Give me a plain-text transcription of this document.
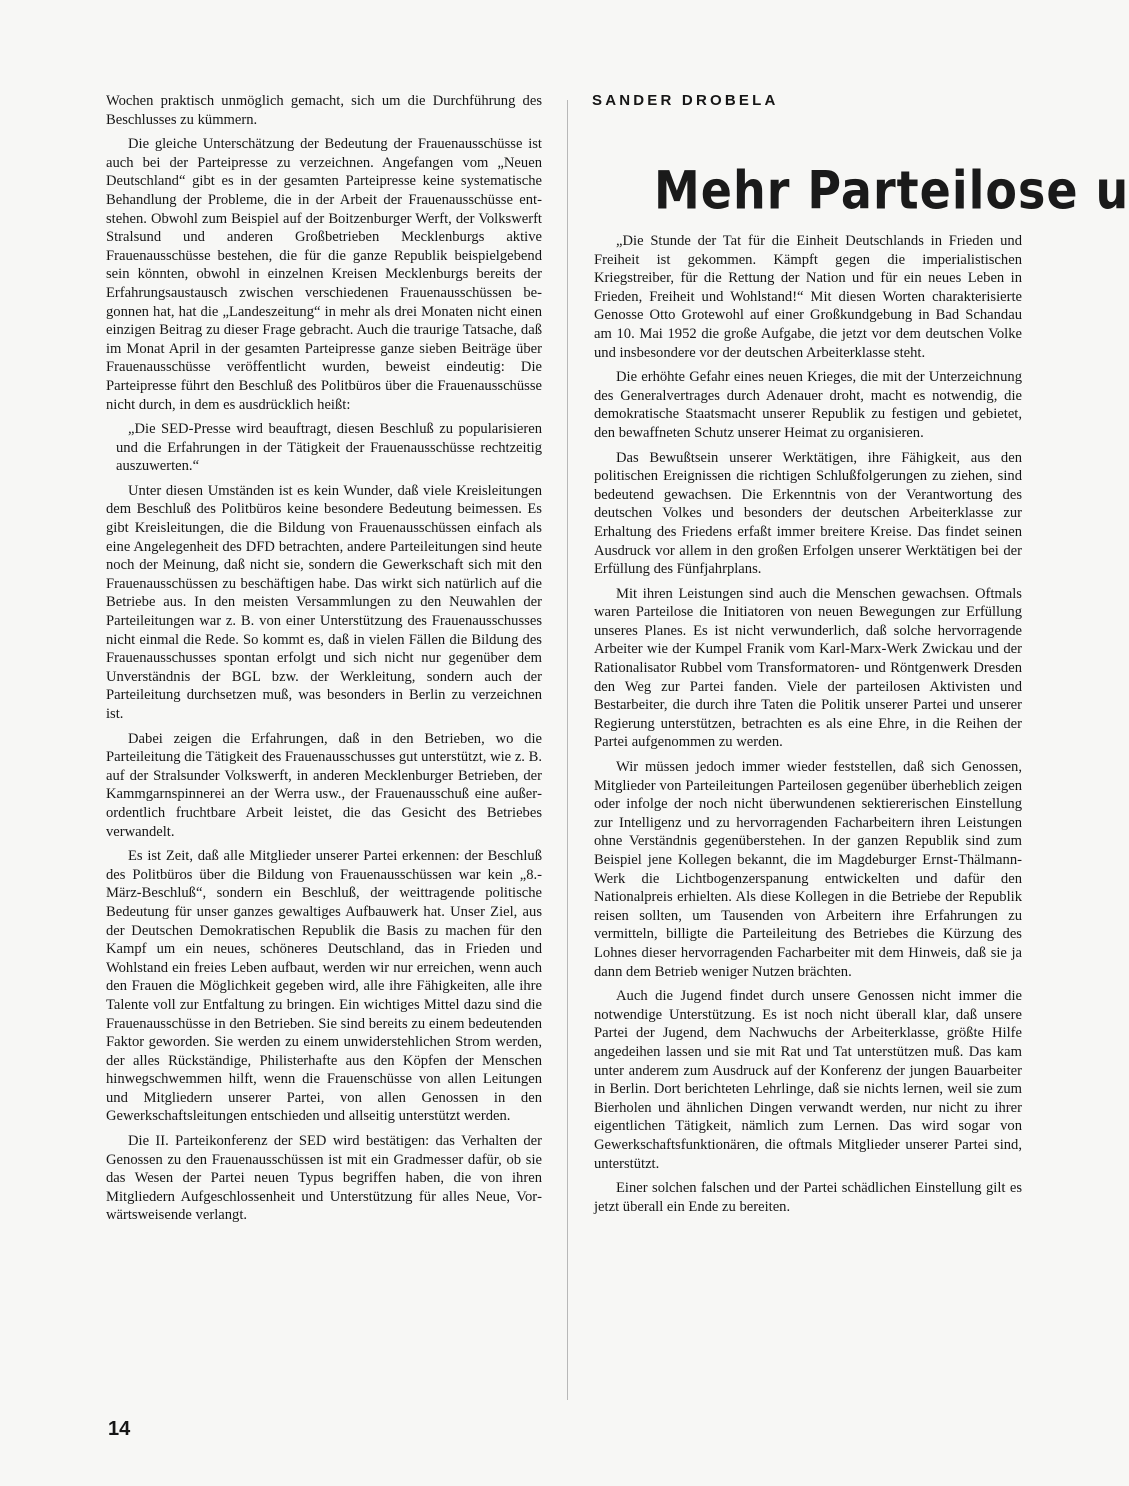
Wochen praktisch unmöglich gemacht, sich um die Durchführung des Beschlusses zu kümmern.

Die gleiche Unterschätzung der Bedeutung der Frauenausschüsse ist auch bei der Parteipresse zu verzeichnen. Angefangen vom „Neuen Deutschland“ gibt es in der gesamten Parteipresse keine systematische Behandlung der Probleme, die in der Arbeit der Frauenausschüsse entstehen. Obwohl zum Beispiel auf der Boitzenburger Werft, der Volkswerft Stralsund und anderen Großbetrieben Mecklenburgs aktive Frauenausschüsse bestehen, die für die ganze Republik beispielgebend sein könnten, obwohl in einzelnen Kreisen Mecklenburgs bereits der Erfahrungsaustausch zwischen verschiedenen Frauenausschüssen begonnen hat, hat die „Landeszeitung“ in mehr als drei Monaten nicht einen einzigen Beitrag zu dieser Frage gebracht. Auch die traurige Tatsache, daß im Monat April in der gesamten Parteipresse ganze sieben Beiträge über Frauenausschüsse veröffentlicht wurden, beweist eindeutig: Die Parteipresse führt den Beschluß des Politbüros über die Frauenausschüsse nicht durch, in dem es ausdrücklich heißt:

„Die SED-Presse wird beauftragt, diesen Beschluß zu popularisieren und die Erfahrungen in der Tätigkeit der Frauenausschüsse rechtzeitig auszuwerten.“

Unter diesen Umständen ist es kein Wunder, daß viele Kreisleitungen dem Beschluß des Politbüros keine besondere Bedeutung beimessen. Es gibt Kreisleitungen, die die Bildung von Frauenausschüssen einfach als eine Angelegenheit des DFD betrachten, andere Parteileitungen sind heute noch der Meinung, daß nicht sie, sondern die Gewerkschaft sich mit den Frauenausschüssen zu beschäftigen habe. Das wirkt sich natürlich auf die Betriebe aus. In den meisten Versammlungen zu den Neuwahlen der Parteileitungen war z. B. von einer Unterstützung des Frauenausschusses nicht einmal die Rede. So kommt es, daß in vielen Fällen die Bildung des Frauenausschusses spontan erfolgt und sich nicht nur gegenüber dem Unverständnis der BGL bzw. der Werkleitung, sondern auch der Parteileitung durchsetzen muß, was besonders in Berlin zu verzeichnen ist.

Dabei zeigen die Erfahrungen, daß in den Betrieben, wo die Parteileitung die Tätigkeit des Frauenausschusses gut unterstützt, wie z. B. auf der Stralsunder Volkswerft, in anderen Mecklenburger Betrieben, der Kammgarnspinnerei an der Werra usw., der Frauenausschuß eine außerordentlich fruchtbare Arbeit leistet, die das Gesicht des Betriebes verwandelt.

Es ist Zeit, daß alle Mitglieder unserer Partei erkennen: der Beschluß des Politbüros über die Bildung von Frauenausschüssen war kein „8.-März-Beschluß“, sondern ein Beschluß, der weittragende politische Bedeutung für unser ganzes gewaltiges Aufbauwerk hat. Unser Ziel, aus der Deutschen Demokratischen Republik die Basis zu machen für den Kampf um ein neues, schöneres Deutschland, das in Frieden und Wohlstand ein freies Leben aufbaut, werden wir nur erreichen, wenn auch den Frauen die Möglichkeit gegeben wird, alle ihre Fähigkeiten, alle ihre Talente voll zur Entfaltung zu bringen. Ein wichtiges Mittel dazu sind die Frauenausschüsse in den Betrieben. Sie sind bereits zu einem bedeutenden Faktor geworden. Sie werden zu einem unwiderstehlichen Strom werden, der alles Rückständige, Philisterhafte aus den Köpfen der Menschen hinwegschwemmen hilft, wenn die Frauenschüsse von allen Leitungen und Mitgliedern unserer Partei, von allen Genossen in den Gewerkschaftsleitungen entschieden und allseitig unterstützt werden.

Die II. Parteikonferenz der SED wird bestätigen: das Verhalten der Genossen zu den Frauenausschüssen ist mit ein Gradmesser dafür, ob sie das Wesen der Partei neuen Typus begriffen haben, die von ihren Mitgliedern Aufgeschlossenheit und Unterstützung für alles Neue, Vorwärtsweisende verlangt.

SANDER DROBELA
Mehr Parteilose u

„Die Stunde der Tat für die Einheit Deutschlands in Frieden und Freiheit ist gekommen. Kämpft gegen die imperialistischen Kriegstreiber, für die Rettung der Nation und für ein neues Leben in Frieden, Freiheit und Wohlstand!“ Mit diesen Worten charakterisierte Genosse Otto Grotewohl auf einer Großkundgebung in Bad Schandau am 10. Mai 1952 die große Aufgabe, die jetzt vor dem deutschen Volke und insbesondere vor der deutschen Arbeiterklasse steht.

Die erhöhte Gefahr eines neuen Krieges, die mit der Unterzeichnung des Generalvertrages durch Adenauer droht, macht es notwendig, die demokratische Staatsmacht unserer Republik zu festigen und gebietet, den bewaffneten Schutz unserer Heimat zu organisieren.

Das Bewußtsein unserer Werktätigen, ihre Fähigkeit, aus den politischen Ereignissen die richtigen Schlußfolgerungen zu ziehen, sind bedeutend gewachsen. Die Erkenntnis von der Verantwortung des deutschen Volkes und besonders der deutschen Arbeiterklasse zur Erhaltung des Friedens erfaßt immer breitere Kreise. Das findet seinen Ausdruck vor allem in den großen Erfolgen unserer Werktätigen bei der Erfüllung des Fünfjahrplans.

Mit ihren Leistungen sind auch die Menschen gewachsen. Oftmals waren Parteilose die Initiatoren von neuen Bewegungen zur Erfüllung unseres Planes. Es ist nicht verwunderlich, daß solche hervorragende Arbeiter wie der Kumpel Franik vom Karl-Marx-Werk Zwickau und der Rationalisator Rubbel vom Transformatoren- und Röntgenwerk Dresden den Weg zur Partei fanden. Viele der parteilosen Aktivisten und Bestarbeiter, die durch ihre Taten die Politik unserer Partei und unserer Regierung unterstützen, betrachten es als eine Ehre, in die Reihen der Partei aufgenommen zu werden.

Wir müssen jedoch immer wieder feststellen, daß sich Genossen, Mitglieder von Parteileitungen Parteilosen gegenüber überheblich zeigen oder infolge der noch nicht überwundenen sektiererischen Einstellung zur Intelligenz und zu hervorragenden Facharbeitern ihren Leistungen ohne Verständnis gegenüberstehen. In der ganzen Republik sind zum Beispiel jene Kollegen bekannt, die im Magdeburger Ernst-Thälmann-Werk die Lichtbogenzerspanung entwickelten und dafür den Nationalpreis erhielten. Als diese Kollegen in die Betriebe der Republik reisen sollten, um Tausenden von Arbeitern ihre Erfahrungen zu vermitteln, billigte die Parteileitung des Betriebes die Kürzung des Lohnes dieser hervorragenden Facharbeiter mit dem Hinweis, daß sie ja dann dem Betrieb weniger Nutzen brächten.

Auch die Jugend findet durch unsere Genossen nicht immer die notwendige Unterstützung. Es ist noch nicht überall klar, daß unsere Partei der Jugend, dem Nachwuchs der Arbeiterklasse, größte Hilfe angedeihen lassen und sie mit Rat und Tat unterstützen muß. Das kam unter anderem zum Ausdruck auf der Konferenz der jungen Bauarbeiter in Berlin. Dort berichteten Lehrlinge, daß sie nichts lernen, weil sie zum Bierholen und ähnlichen Dingen verwandt werden, nur nicht zu ihrer eigentlichen Tätigkeit, nämlich zum Lernen. Das wird sogar von Gewerkschaftsfunktionären, die oftmals Mitglieder unserer Partei sind, unterstützt.

Einer solchen falschen und der Partei schädlichen Einstellung gilt es jetzt überall ein Ende zu bereiten.

14
